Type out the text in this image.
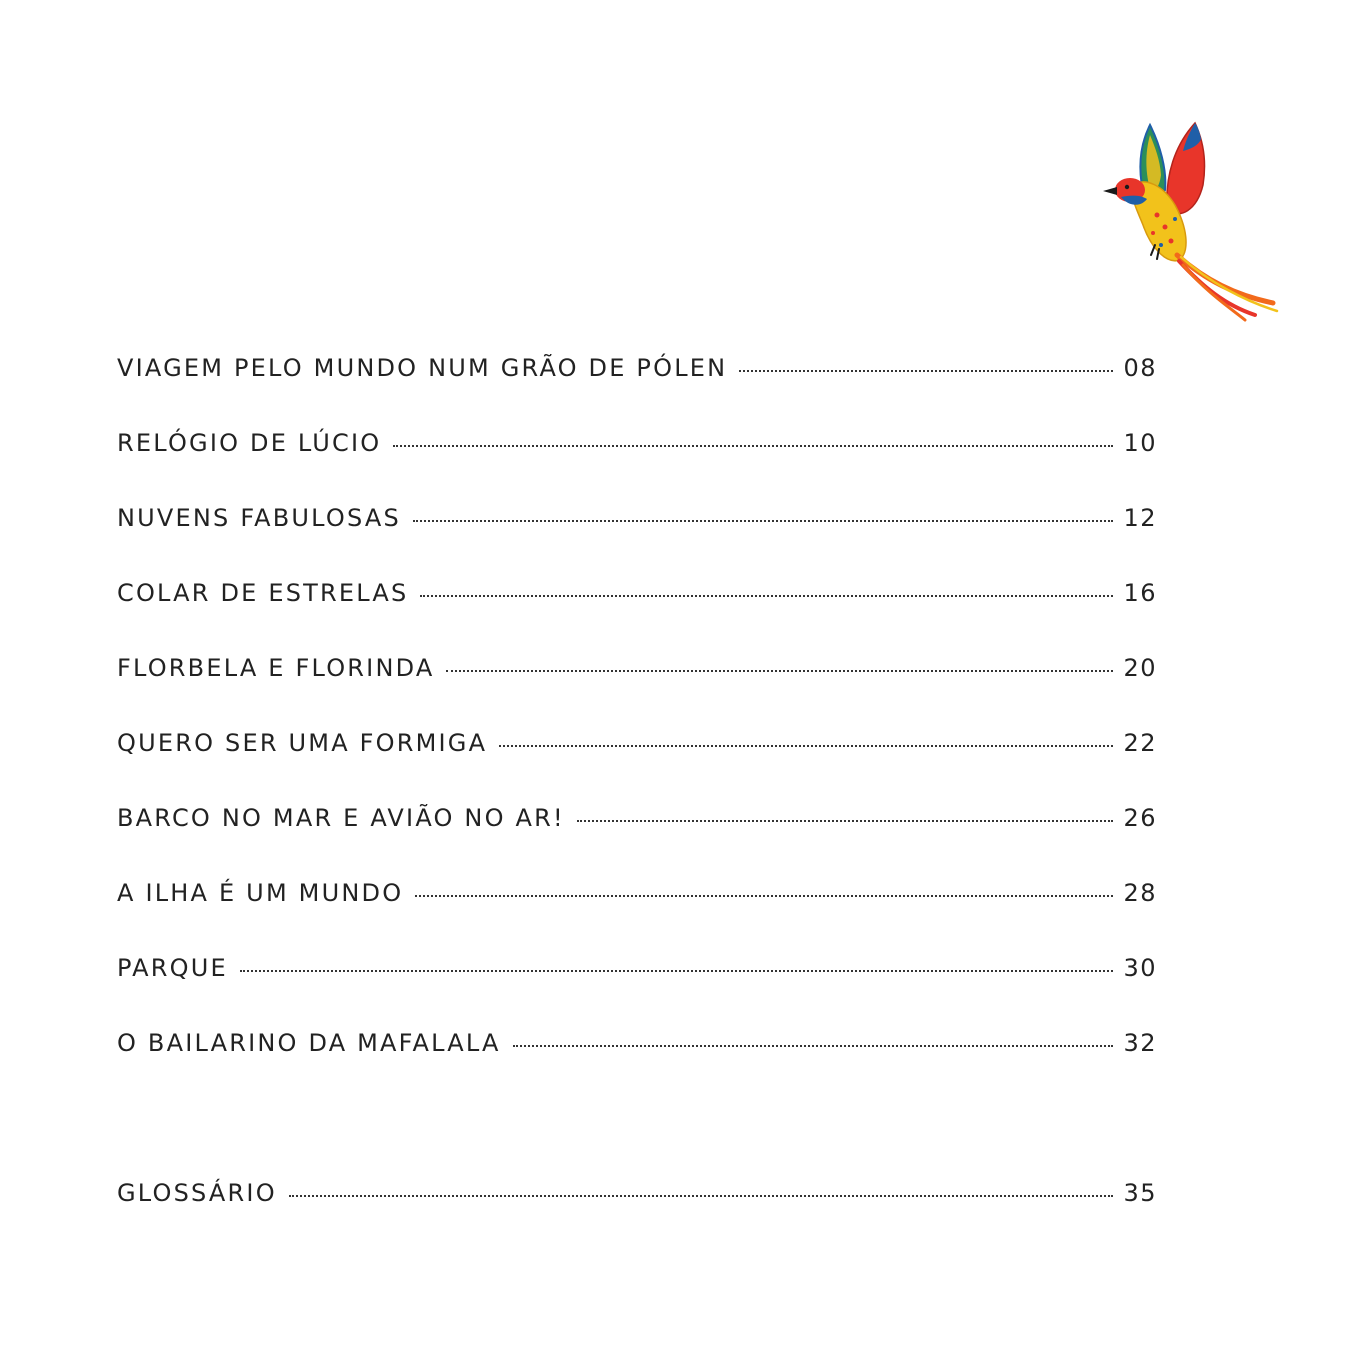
VIAGEM PELO MUNDO NUM GRÃO DE PÓLEN	08
RELÓGIO DE LÚCIO	10
NUVENS FABULOSAS	12
COLAR DE ESTRELAS	16
FLORBELA E FLORINDA	20
QUERO SER UMA FORMIGA	22
BARCO NO MAR E AVIÃO NO AR!	26
A ILHA É UM MUNDO	28
PARQUE	30
O BAILARINO DA MAFALALA	32
GLOSSÁRIO	35
